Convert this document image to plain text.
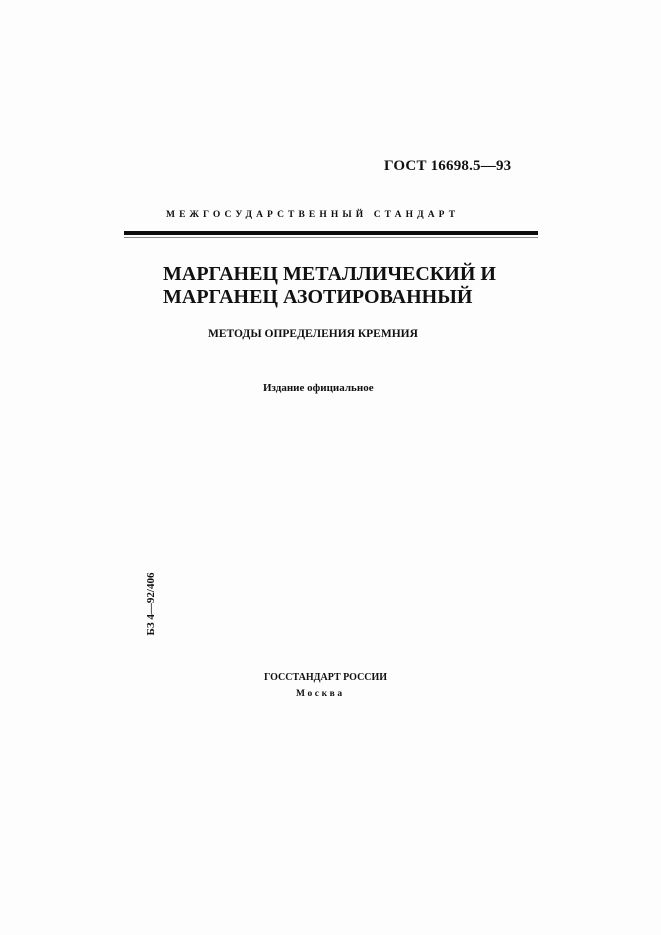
ГОСТ 16698.5—93
МЕЖГОСУДАРСТВЕННЫЙ СТАНДАРТ
МАРГАНЕЦ МЕТАЛЛИЧЕСКИЙ И
МАРГАНЕЦ АЗОТИРОВАННЫЙ
МЕТОДЫ ОПРЕДЕЛЕНИЯ КРЕМНИЯ
Издание официальное
БЗ 4—92/406
ГОССТАНДАРТ РОССИИ
Москва
